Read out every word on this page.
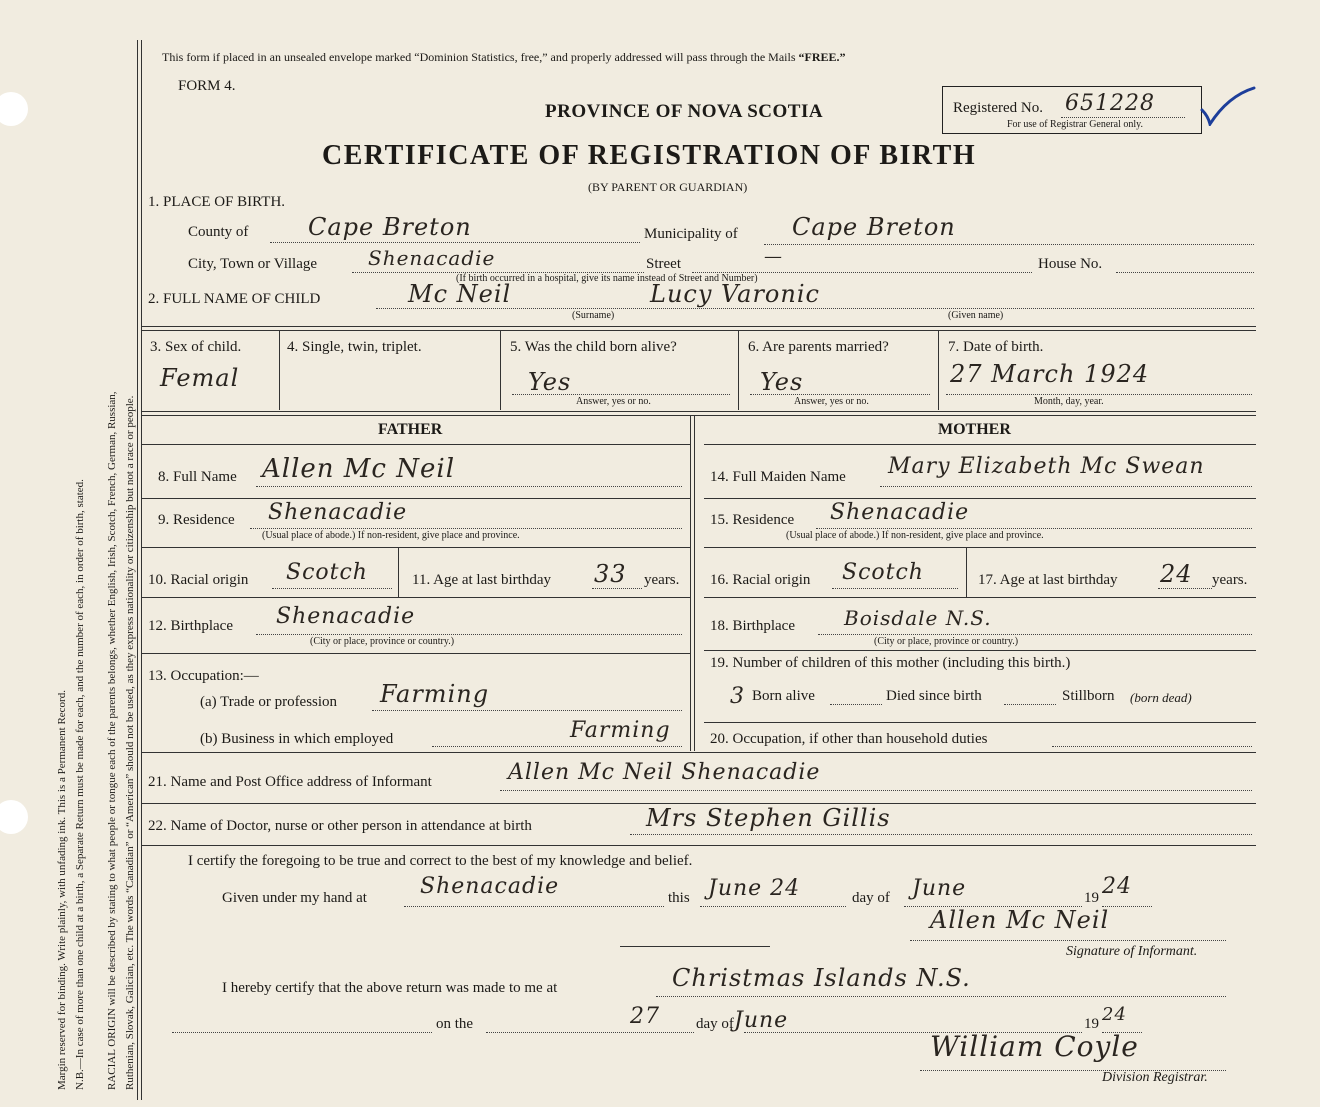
Margin reserved for binding. Write plainly, with unfading ink. This is a Permanent Record. N.B.—In case of more than one child at a birth, a Separate Return must be made for each, and the number of each, in order of birth, stated. RACIAL ORIGIN will be described by stating to what people or tongue each of the parents belongs, whether English, Irish, Scotch, French, German, Russian, Ruthenian, Slovak, Galician, etc. The words “Canadian” or “American” should not be used, as they express nationality or citizenship but not a race or people.
This form if placed in an unsealed envelope marked “Dominion Statistics, free,” and properly addressed will pass through the Mails “FREE.”
FORM 4.
PROVINCE OF NOVA SCOTIA	Registered No. 651228
For use of Registrar General only.
CERTIFICATE OF REGISTRATION OF BIRTH
(BY PARENT OR GUARDIAN)
1. PLACE OF BIRTH.
County of Cape Breton	Municipality of Cape Breton
City, Town or Village	Shenacadie	Street	—	House No.
(If birth occurred in a hospital, give its name instead of Street and Number)
2. FULL NAME OF CHILD	Mc Neil	Lucy Varonic
(Surname)	(Given name)
3. Sex of child.
Femal
4. Single, twin, triplet.	5. Was the child born alive?
Yes
Answer, yes or no.
6. Are parents married?
Yes
Answer, yes or no.
7. Date of birth.
27 March 1924
Month, day, year.
FATHER	MOTHER
8. Full Name Allen Mc Neil
9. Residence Shenacadie
(Usual place of abode.) If non-resident, give place and province.
10. Racial origin Scotch	11. Age at last birthday 33 years.
12. Birthplace Shenacadie
(City or place, province or country.)
13. Occupation:—
(a) Trade or profession Farming
(b) Business in which employed	Farming
14. Full Maiden Name Mary Elizabeth Mc Swean
15. Residence Shenacadie
(Usual place of abode.) If non-resident, give place and province.
16. Racial origin Scotch	17. Age at last birthday 24 years.
18. Birthplace Boisdale N.S.
(City or place, province or country.)
19. Number of children of this mother (including this birth.)
3 Born alive	Died since birth	Stillborn (born dead)
20. Occupation, if other than household duties
21. Name and Post Office address of Informant	Allen Mc Neil Shenacadie
22. Name of Doctor, nurse or other person in attendance at birth	Mrs Stephen Gillis
I certify the foregoing to be true and correct to the best of my knowledge and belief.
Given under my hand at Shenacadie	this June 24	day of June	19 24
Allen Mc Neil
Signature of Informant.
I hereby certify that the above return was made to me at	Christmas Islands N.S.
on the	27 day of June	19 24
William Coyle
Division Registrar.
